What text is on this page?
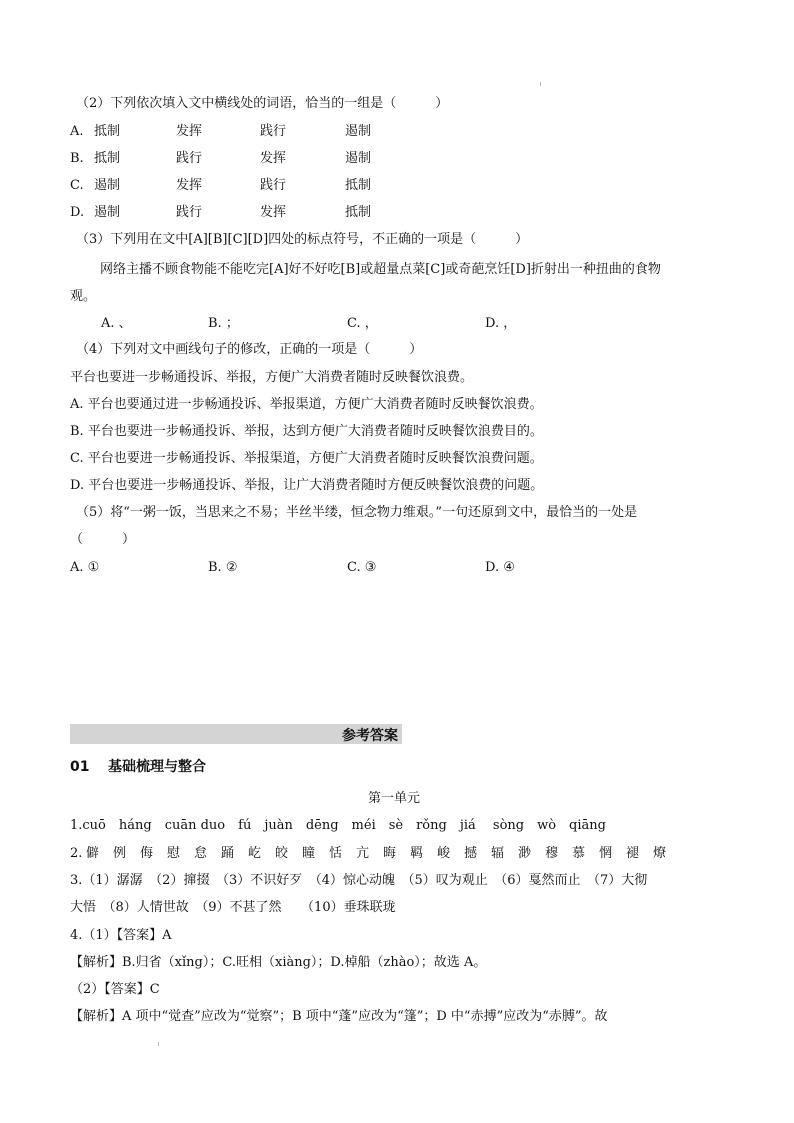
（2）下列依次填入文中横线处的词语，恰当的一组是（　　　）
A. 抵制	发挥	践行	遏制
B. 抵制	践行	发挥	遏制
C. 遏制	发挥	践行	抵制
D. 遏制	践行	发挥	抵制
（3）下列用在文中[A][B][C][D]四处的标点符号，不正确的一项是（　　　）
网络主播不顾食物能不能吃完[A]好不好吃[B]或超量点菜[C]或奇葩烹饪[D]折射出一种扭曲的食物
观。
A. 、	B. ；	C. ，	D. ，
（4）下列对文中画线句子的修改，正确的一项是（　　　）
平台也要进一步畅通投诉、举报，方便广大消费者随时反映餐饮浪费。
A. 平台也要通过进一步畅通投诉、举报渠道，方便广大消费者随时反映餐饮浪费。
B. 平台也要进一步畅通投诉、举报，达到方便广大消费者随时反映餐饮浪费目的。
C. 平台也要进一步畅通投诉、举报渠道，方便广大消费者随时反映餐饮浪费问题。
D. 平台也要进一步畅通投诉、举报，让广大消费者随时方便反映餐饮浪费的问题。
（5）将“一粥一饭，当思来之不易；半丝半缕，恒念物力维艰。”一句还原到文中，最恰当的一处是
（　　　）
A. ①	B. ②	C. ③	D. ④
参考答案
01 基础梳理与整合
第一单元
1.cuō　háng　cuān duo　fú　juàn　dēng　méi　sè　rǒng　jiá　 sòng　wò　qiāng
2. 僻 例 侮 慰 怠 踊 屹 皎 瞳 恬 亢 晦 羁 峻 撼 辐 渺 穆 慕 惘 褪 燎
3.（1）潺潺　（2）撺掇　（3）不识好歹　（4）惊心动魄　（5）叹为观止　（6）戛然而止　（7）大彻
大悟　（8）人情世故　（9）不甚了然　　（10）垂珠联珑
4.（1）【答案】A
【解析】B.归省（xǐng）；C.旺相（xiàng）；D.棹船（zhào）；故选 A。
（2）【答案】C
【解析】A 项中“觉查”应改为“觉察”；B 项中“蓬”应改为“篷”；D 中“赤搏”应改为“赤膊”。故
